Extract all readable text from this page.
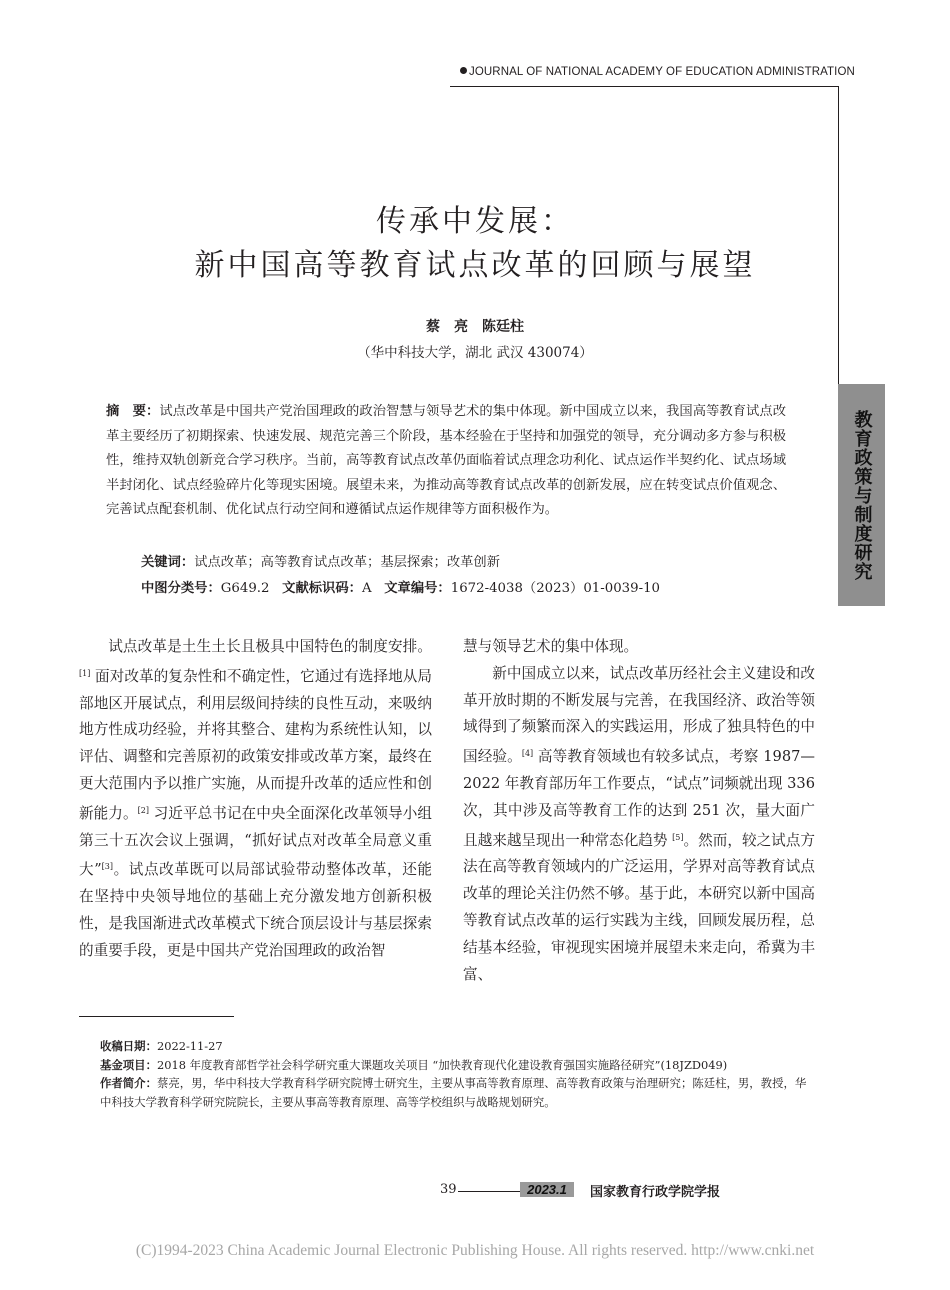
JOURNAL OF NATIONAL ACADEMY OF EDUCATION ADMINISTRATION
教育政策与制度研究
传承中发展：
新中国高等教育试点改革的回顾与展望
蔡　亮　陈廷柱
（华中科技大学，湖北 武汉 430074）
摘　要：试点改革是中国共产党治国理政的政治智慧与领导艺术的集中体现。新中国成立以来，我国高等教育试点改革主要经历了初期探索、快速发展、规范完善三个阶段，基本经验在于坚持和加强党的领导，充分调动多方参与积极性，维持双轨创新竞合学习秩序。当前，高等教育试点改革仍面临着试点理念功利化、试点运作半契约化、试点场域半封闭化、试点经验碎片化等现实困境。展望未来，为推动高等教育试点改革的创新发展，应在转变试点价值观念、完善试点配套机制、优化试点行动空间和遵循试点运作规律等方面积极作为。
关键词：试点改革；高等教育试点改革；基层探索；改革创新
中图分类号：G649.2 文献标识码：A 文章编号：1672-4038（2023）01-0039-10

试点改革是土生土长且极具中国特色的制度安排。[1] 面对改革的复杂性和不确定性，它通过有选择地从局部地区开展试点，利用层级间持续的良性互动，来吸纳地方性成功经验，并将其整合、建构为系统性认知，以评估、调整和完善原初的政策安排或改革方案，最终在更大范围内予以推广实施，从而提升改革的适应性和创新能力。[2] 习近平总书记在中央全面深化改革领导小组第三十五次会议上强调，“抓好试点对改革全局意义重大”[3]。试点改革既可以局部试验带动整体改革，还能在坚持中央领导地位的基础上充分激发地方创新积极性，是我国渐进式改革模式下统合顶层设计与基层探索的重要手段，更是中国共产党治国理政的政治智

慧与领导艺术的集中体现。

新中国成立以来，试点改革历经社会主义建设和改革开放时期的不断发展与完善，在我国经济、政治等领域得到了频繁而深入的实践运用，形成了独具特色的中国经验。[4] 高等教育领域也有较多试点，考察 1987—2022 年教育部历年工作要点，“试点”词频就出现 336 次，其中涉及高等教育工作的达到 251 次，量大面广且越来越呈现出一种常态化趋势 [5]。然而，较之试点方法在高等教育领域内的广泛运用，学界对高等教育试点改革的理论关注仍然不够。基于此，本研究以新中国高等教育试点改革的运行实践为主线，回顾发展历程，总结基本经验，审视现实困境并展望未来走向，希冀为丰富、

收稿日期：2022-11-27

基金项目：2018 年度教育部哲学社会科学研究重大课题攻关项目 “加快教育现代化建设教育强国实施路径研究”(18JZD049)

作者简介：蔡亮，男，华中科技大学教育科学研究院博士研究生，主要从事高等教育原理、高等教育政策与治理研究；陈廷柱，男，教授，华中科技大学教育科学研究院院长，主要从事高等教育原理、高等学校组织与战略规划研究。

39	2023.1	国家教育行政学院学报
(C)1994-2023 China Academic Journal Electronic Publishing House. All rights reserved. http://www.cnki.net
